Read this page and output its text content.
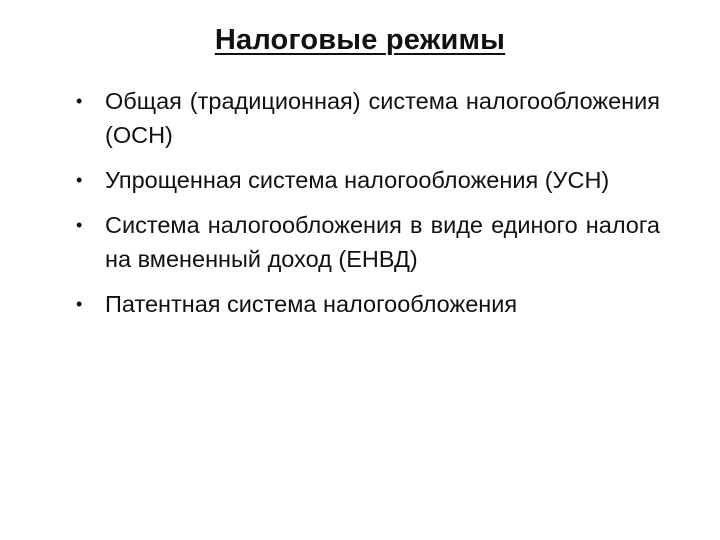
Налоговые режимы
• Общая (традиционная) система налогообложения (ОСН)
• Упрощенная система налогообложения (УСН)
• Система налогообложения в виде единого налога на вмененный доход (ЕНВД)
• Патентная система налогообложения
